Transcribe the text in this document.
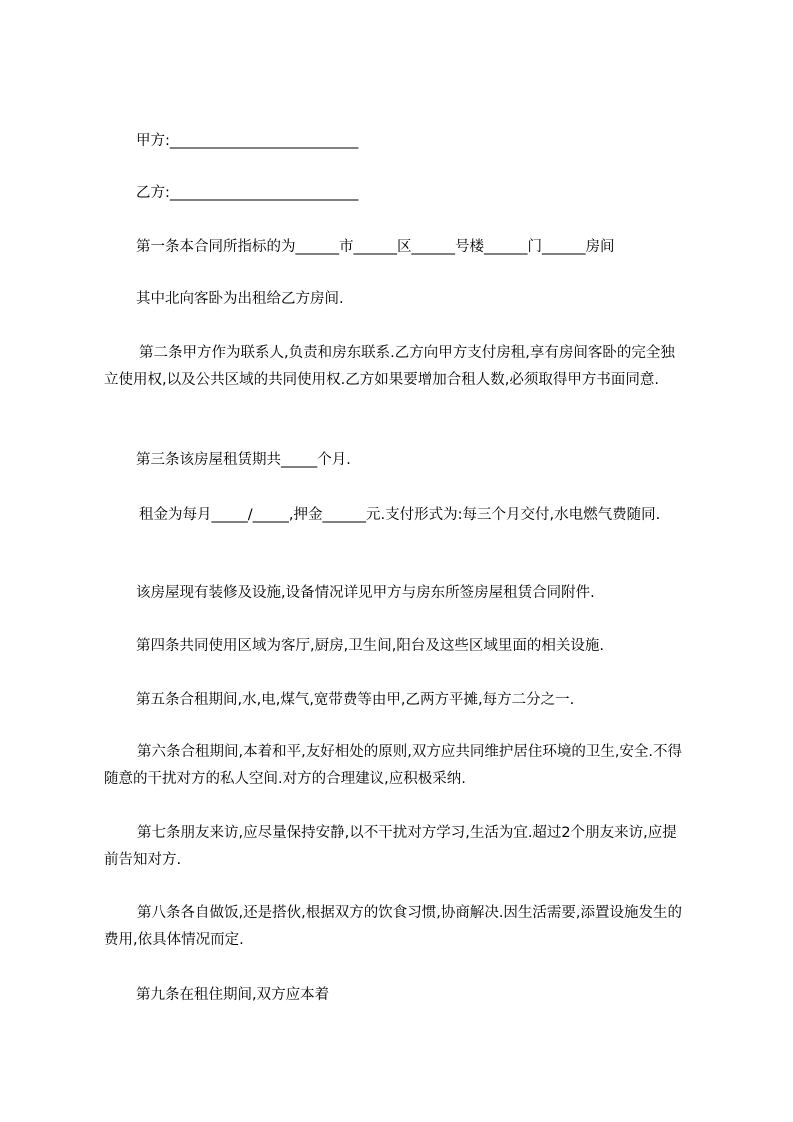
甲方:__________________________

乙方:__________________________

第一条本合同所指标的为______市______区______号楼______门______房间

其中北向客卧为出租给乙方房间.

第二条甲方作为联系人,负责和房东联系.乙方向甲方支付房租,享有房间客卧的完全独立使用权,以及公共区域的共同使用权.乙方如果要增加合租人数,必须取得甲方书面同意.

第三条该房屋租赁期共_____个月.

租金为每月_____/_____,押金______元.支付形式为:每三个月交付,水电燃气费随同.

该房屋现有装修及设施,设备情况详见甲方与房东所签房屋租赁合同附件.

第四条共同使用区域为客厅,厨房,卫生间,阳台及这些区域里面的相关设施.

第五条合租期间,水,电,煤气,宽带费等由甲,乙两方平摊,每方二分之一.

第六条合租期间,本着和平,友好相处的原则,双方应共同维护居住环境的卫生,安全.不得随意的干扰对方的私人空间.对方的合理建议,应积极采纳.

第七条朋友来访,应尽量保持安静,以不干扰对方学习,生活为宜.超过2个朋友来访,应提前告知对方.

第八条各自做饭,还是搭伙,根据双方的饮食习惯,协商解决.因生活需要,添置设施发生的费用,依具体情况而定.

第九条在租住期间,双方应本着
